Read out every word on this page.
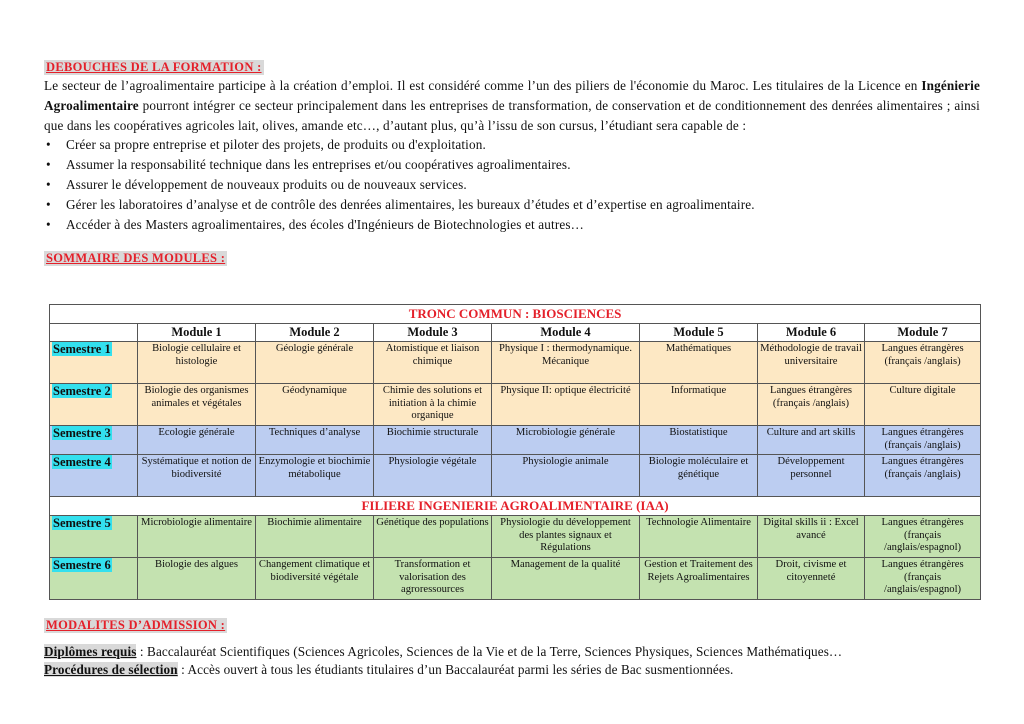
DEBOUCHES DE LA FORMATION :

Le secteur de l’agroalimentaire participe à la création d’emploi. Il est considéré comme l’un des piliers de l'économie du Maroc. Les titulaires de la Licence en Ingénierie Agroalimentaire pourront intégrer ce secteur principalement dans les entreprises de transformation, de conservation et de conditionnement des denrées alimentaires ; ainsi que dans les coopératives agricoles lait, olives, amande etc…, d’autant plus, qu’à l’issu de son cursus, l’étudiant sera capable de :

• Créer sa propre entreprise et piloter des projets, de produits ou d'exploitation.
• Assumer la responsabilité technique dans les entreprises et/ou coopératives agroalimentaires.
• Assurer le développement de nouveaux produits ou de nouveaux services.
• Gérer les laboratoires d’analyse et de contrôle des denrées alimentaires, les bureaux d’études et d’expertise en agroalimentaire.
• Accéder à des Masters agroalimentaires, des écoles d'Ingénieurs de Biotechnologies et autres…
SOMMAIRE DES MODULES :
TRONC COMMUN : BIOSCIENCES							
	Module 1	Module 2	Module 3	Module 4	Module 5	Module 6	Module 7
Semestre 1	Biologie cellulaire et histologie	Géologie générale	Atomistique et liaison chimique	Physique I : thermodynamique. Mécanique	Mathématiques	Méthodologie de travail universitaire	Langues étrangères (français /anglais)
Semestre 2	Biologie des organismes animales et végétales	Géodynamique	Chimie des solutions et initiation à la chimie organique	Physique II: optique électricité	Informatique	Langues étrangères (français /anglais)	Culture digitale
Semestre 3	Ecologie générale	Techniques d’analyse	Biochimie structurale	Microbiologie générale	Biostatistique	Culture and art skills	Langues étrangères (français /anglais)
Semestre 4	Systématique et notion de biodiversité	Enzymologie et biochimie métabolique	Physiologie végétale	Physiologie animale	Biologie moléculaire et génétique	Développement personnel	Langues étrangères (français /anglais)
FILIERE INGENIERIE AGROALIMENTAIRE (IAA)							
Semestre 5	Microbiologie alimentaire	Biochimie alimentaire	Génétique des populations	Physiologie du développement des plantes signaux et Régulations	Technologie Alimentaire	Digital skills ii : Excel avancé	Langues étrangères (français /anglais/espagnol)
Semestre 6	Biologie des algues	Changement climatique et biodiversité végétale	Transformation et valorisation des agroressources	Management de la qualité	Gestion et Traitement des Rejets Agroalimentaires	Droit, civisme et citoyenneté	Langues étrangères (français /anglais/espagnol)
MODALITES D’ADMISSION :
Diplômes requis : Baccalauréat Scientifiques (Sciences Agricoles, Sciences de la Vie et de la Terre, Sciences Physiques, Sciences Mathématiques…
Procédures de sélection : Accès ouvert à tous les étudiants titulaires d’un Baccalauréat parmi les séries de Bac susmentionnées.
